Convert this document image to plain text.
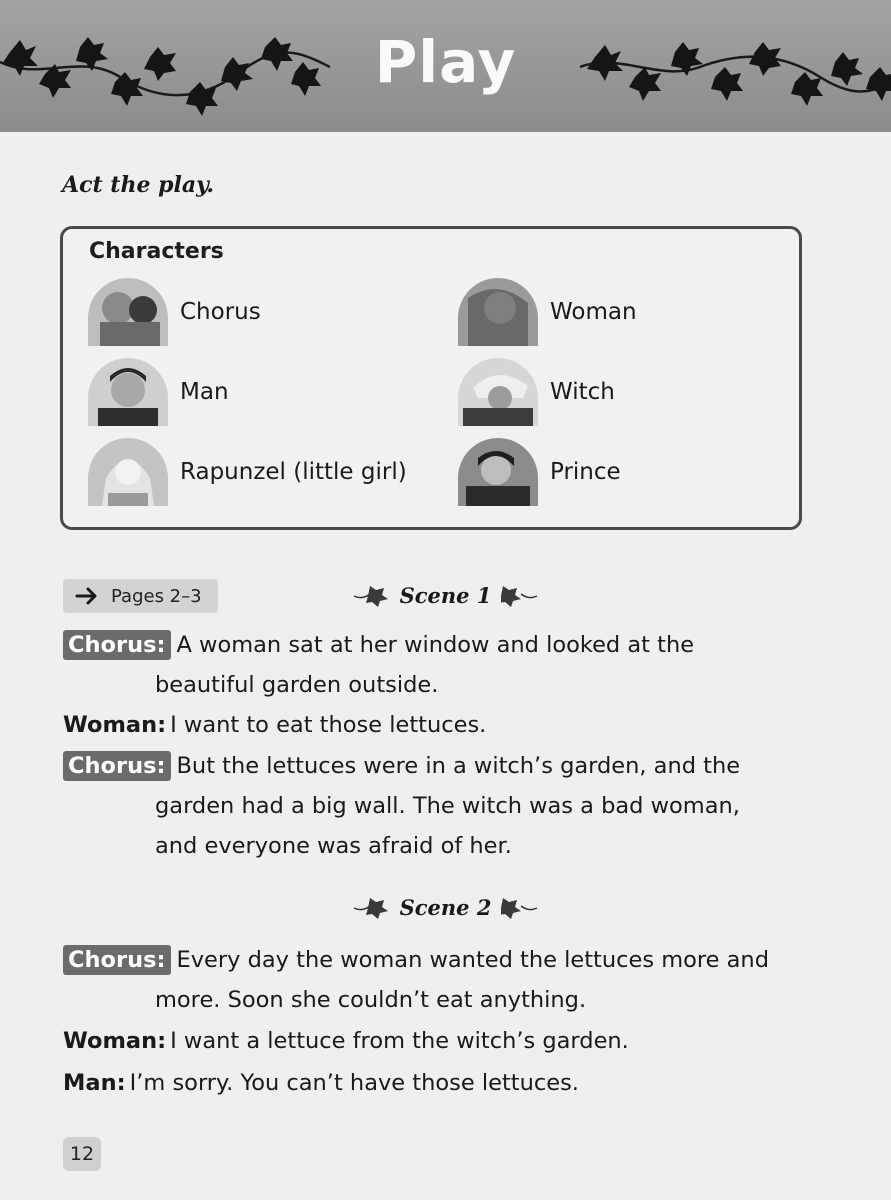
Play
Act the play.
Characters
Chorus	Woman
Man	Witch
Rapunzel (little girl)	Prince
Pages 2–3	Scene 1
Chorus: A woman sat at her window and looked at the
beautiful garden outside.
Woman: I want to eat those lettuces.
Chorus: But the lettuces were in a witch’s garden, and the
garden had a big wall. The witch was a bad woman,
and everyone was afraid of her.
Scene 2
Chorus: Every day the woman wanted the lettuces more and
more. Soon she couldn’t eat anything.
Woman: I want a lettuce from the witch’s garden.
Man: I’m sorry. You can’t have those lettuces.
12
